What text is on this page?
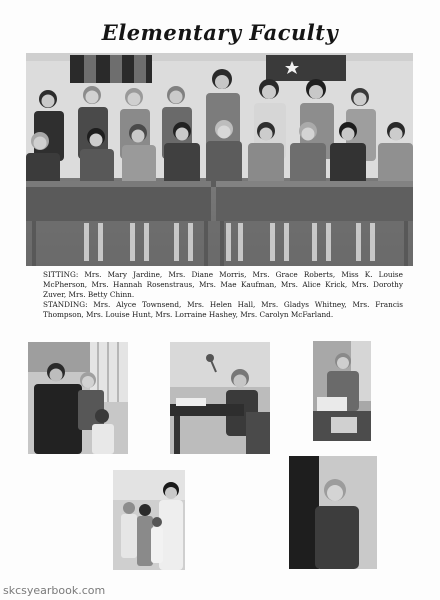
Elementary Faculty

SITTING: Mrs. Mary Jardine, Mrs. Diane Morris, Mrs. Grace Roberts, Miss K. Louise McPherson, Mrs. Hannah Rosenstraus, Mrs. Mae Kaufman, Mrs. Alice Krick, Mrs. Dorothy Zuver, Mrs. Betty Chinn.

STANDING: Mrs. Alyce Townsend, Mrs. Helen Hall, Mrs. Gladys Whitney, Mrs. Francis Thompson, Mrs. Louise Hunt, Mrs. Lorraine Hashey, Mrs. Carolyn McFarland.

skcsyearbook.com
